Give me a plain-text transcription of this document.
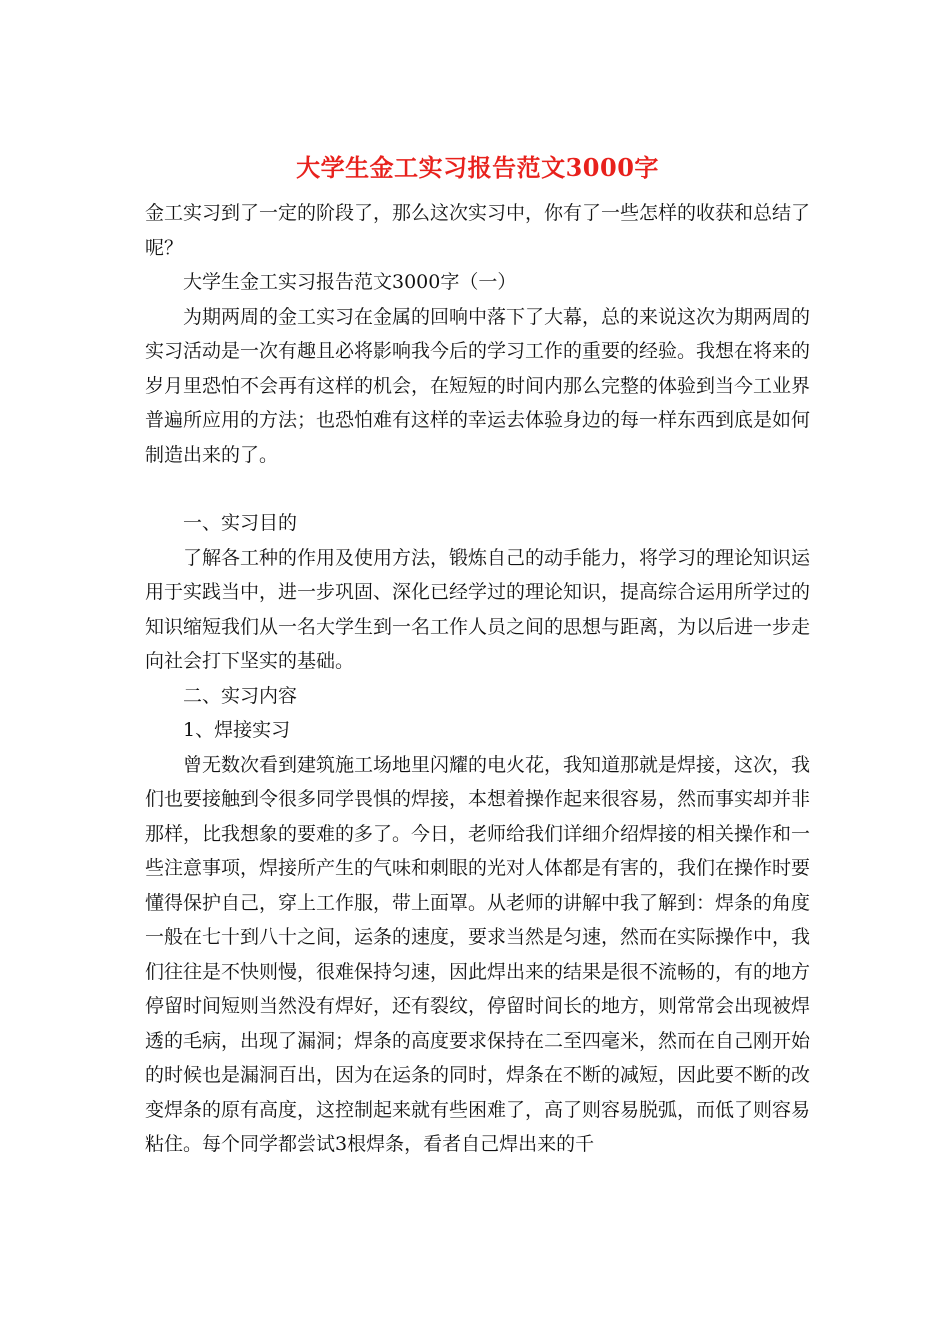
大学生金工实习报告范文3000字

金工实习到了一定的阶段了，那么这次实习中，你有了一些怎样的收获和总结了呢？

大学生金工实习报告范文3000字（一）

为期两周的金工实习在金属的回响中落下了大幕，总的来说这次为期两周的实习活动是一次有趣且必将影响我今后的学习工作的重要的经验。我想在将来的岁月里恐怕不会再有这样的机会，在短短的时间内那么完整的体验到当今工业界普遍所应用的方法；也恐怕难有这样的幸运去体验身边的每一样东西到底是如何制造出来的了。

一、实习目的

了解各工种的作用及使用方法，锻炼自己的动手能力，将学习的理论知识运用于实践当中，进一步巩固、深化已经学过的理论知识，提高综合运用所学过的知识缩短我们从一名大学生到一名工作人员之间的思想与距离，为以后进一步走向社会打下坚实的基础。

二、实习内容

1、焊接实习

曾无数次看到建筑施工场地里闪耀的电火花，我知道那就是焊接，这次，我们也要接触到令很多同学畏惧的焊接，本想着操作起来很容易，然而事实却并非那样，比我想象的要难的多了。今日，老师给我们详细介绍焊接的相关操作和一些注意事项，焊接所产生的气味和刺眼的光对人体都是有害的，我们在操作时要懂得保护自己，穿上工作服，带上面罩。从老师的讲解中我了解到：焊条的角度一般在七十到八十之间，运条的速度，要求当然是匀速，然而在实际操作中，我们往往是不快则慢，很难保持匀速，因此焊出来的结果是很不流畅的，有的地方停留时间短则当然没有焊好，还有裂纹，停留时间长的地方，则常常会出现被焊透的毛病，出现了漏洞；焊条的高度要求保持在二至四毫米，然而在自己刚开始的时候也是漏洞百出，因为在运条的同时，焊条在不断的减短，因此要不断的改变焊条的原有高度，这控制起来就有些困难了，高了则容易脱弧，而低了则容易粘住。每个同学都尝试3根焊条，看者自己焊出来的千
